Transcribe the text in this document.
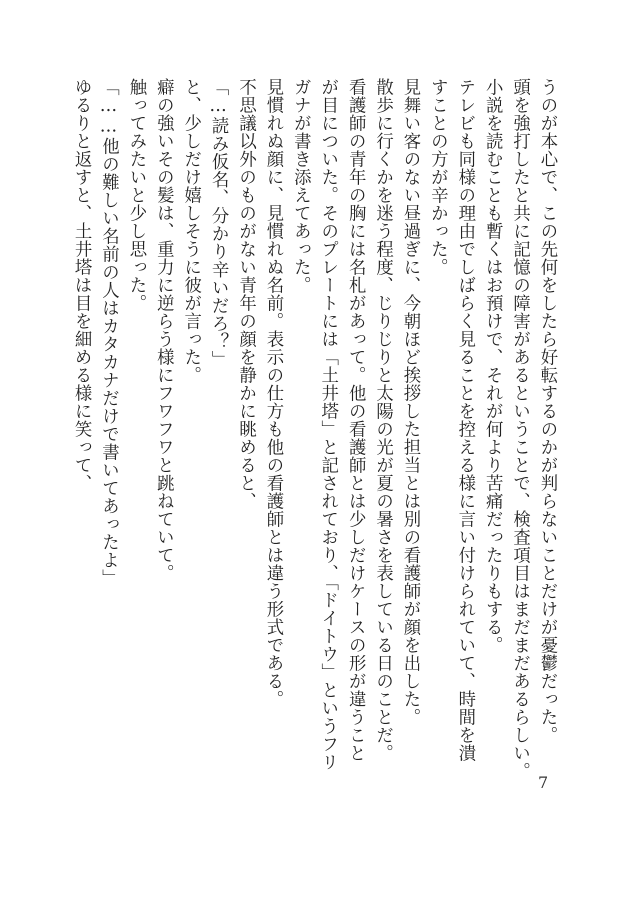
うのが本心で、この先何をしたら好転するのかが判らないことだけが憂鬱だった。
頭を強打したと共に記憶の障害があるということで、検査項目はまだまだあるらしい。
小説を読むことも暫くはお預けで、それが何より苦痛だったりもする。
テレビも同様の理由でしばらく見ることを控える様に言い付けられていて、時間を潰
すことの方が辛かった。
見舞い客のない昼過ぎに、今朝ほど挨拶した担当とは別の看護師が顔を出した。
散歩に行くかを迷う程度、じりじりと太陽の光が夏の暑さを表している日のことだ。
看護師の青年の胸には名札があって。他の看護師とは少しだけケースの形が違うこと
が目についた。そのプレートには「土井塔」と記されており、「ドイトウ」というフリ
ガナが書き添えてあった。
見慣れぬ顔に、見慣れぬ名前。表示の仕方も他の看護師とは違う形式である。
不思議以外のものがない青年の顔を静かに眺めると、
「…読み仮名、分かり辛いだろ？」
と、少しだけ嬉しそうに彼が言った。
癖の強いその髪は、重力に逆らう様にフワフワと跳ねていて。
触ってみたいと少し思った。
「……他の難しい名前の人はカタカナだけで書いてあったよ」
ゆるりと返すと、土井塔は目を細める様に笑って、
7
